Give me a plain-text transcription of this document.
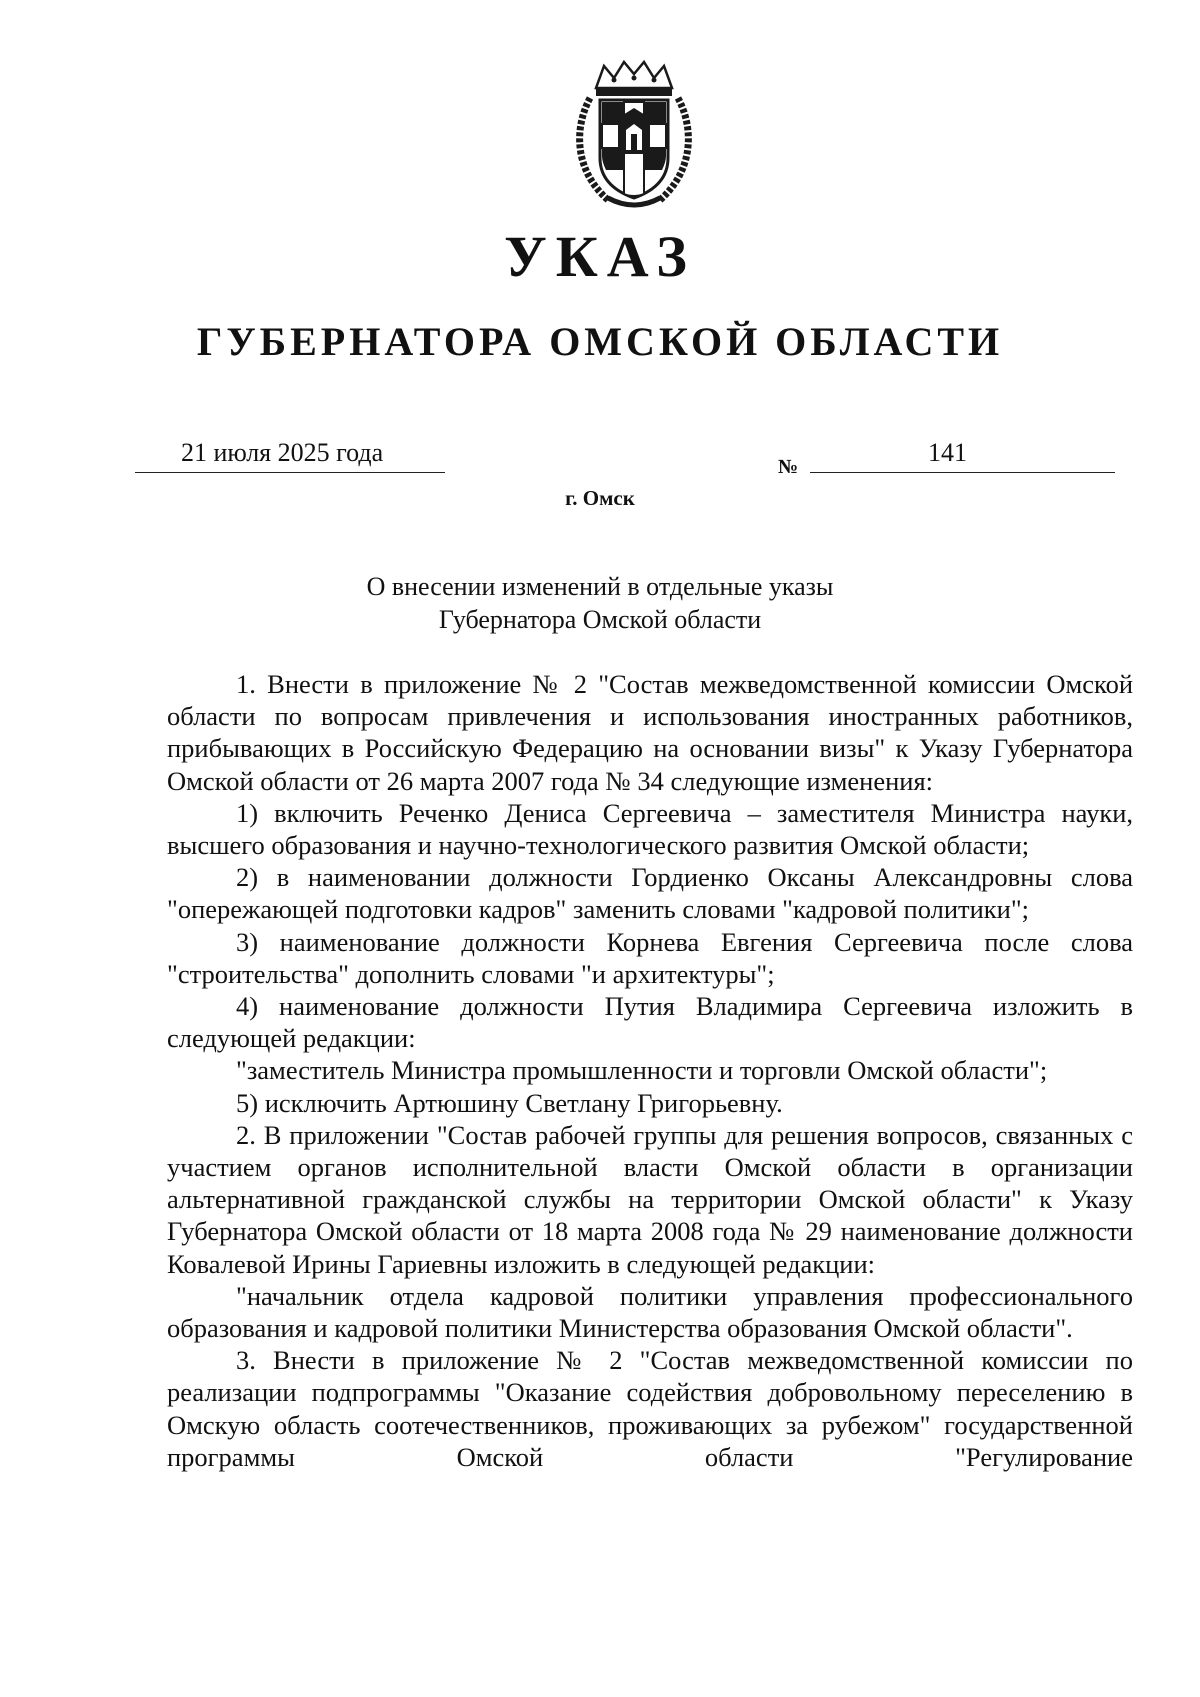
УКАЗ
ГУБЕРНАТОРА ОМСКОЙ ОБЛАСТИ
21 июля 2025 года	№	141
г. Омск
О внесении изменений в отдельные указы
Губернатора Омской области

1. Внести в приложение № 2 "Состав межведомственной комиссии Омской области по вопросам привлечения и использования иностранных работников, прибывающих в Российскую Федерацию на основании визы" к Указу Губернатора Омской области от 26 марта 2007 года № 34 следующие изменения:

1) включить Реченко Дениса Сергеевича – заместителя Министра науки, высшего образования и научно-технологического развития Омской области;

2) в наименовании должности Гордиенко Оксаны Александровны слова "опережающей подготовки кадров" заменить словами "кадровой политики";

3) наименование должности Корнева Евгения Сергеевича после слова "строительства" дополнить словами "и архитектуры";

4) наименование должности Путия Владимира Сергеевича изложить в следующей редакции:

"заместитель Министра промышленности и торговли Омской области";

5) исключить Артюшину Светлану Григорьевну.

2. В приложении "Состав рабочей группы для решения вопросов, связанных с участием органов исполнительной власти Омской области в организации альтернативной гражданской службы на территории Омской области" к Указу Губернатора Омской области от 18 марта 2008 года № 29 наименование должности Ковалевой Ирины Гариевны изложить в следующей редакции:

"начальник отдела кадровой политики управления профессионального образования и кадровой политики Министерства образования Омской области".

3. Внести в приложение № 2 "Состав межведомственной комиссии по реализации подпрограммы "Оказание содействия добровольному переселению в Омскую область соотечественников, проживающих за рубежом" государственной программы Омской области "Регулирование
